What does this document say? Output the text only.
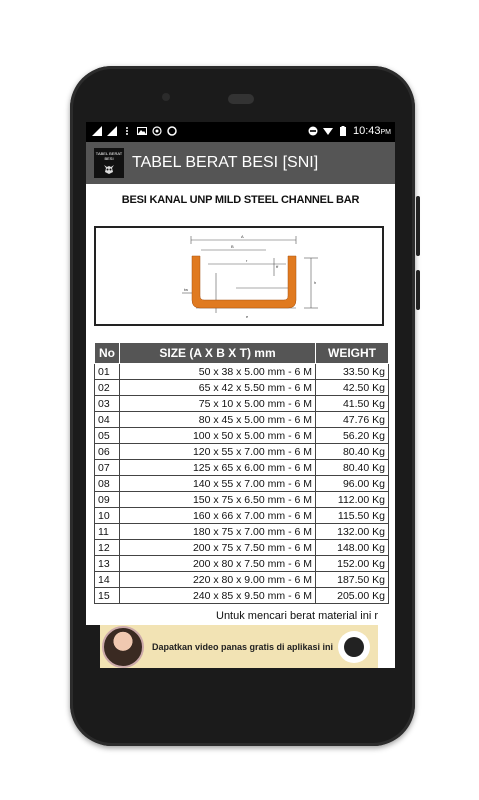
10:43PM
TABEL BERAT
BESI TABEL BERAT BESI [SNI]
BESI KANAL UNP MILD STEEL CHANNEL BAR
A
B
r
tf
h
tw
e
No	SIZE (A X B X T) mm	WEIGHT
01	50 x 38 x 5.00 mm - 6 M	33.50 Kg
02	65 x 42 x 5.50 mm - 6 M	42.50 Kg
03	75 x 10 x 5.00 mm - 6 M	41.50 Kg
04	80 x 45 x 5.00 mm - 6 M	47.76 Kg
05	100 x 50 x 5.00 mm - 6 M	56.20 Kg
06	120 x 55 x 7.00 mm - 6 M	80.40 Kg
07	125 x 65 x 6.00 mm - 6 M	80.40 Kg
08	140 x 55 x 7.00 mm - 6 M	96.00 Kg
09	150 x 75 x 6.50 mm - 6 M	112.00 Kg
10	160 x 66 x 7.00 mm - 6 M	115.50 Kg
11	180 x 75 x 7.00 mm - 6 M	132.00 Kg
12	200 x 75 x 7.50 mm - 6 M	148.00 Kg
13	200 x 80 x 7.50 mm - 6 M	152.00 Kg
14	220 x 80 x 9.00 mm - 6 M	187.50 Kg
15	240 x 85 x 9.50 mm - 6 M	205.00 Kg
Untuk mencari berat material ini r
Dapatkan video panas gratis di aplikasi ini
